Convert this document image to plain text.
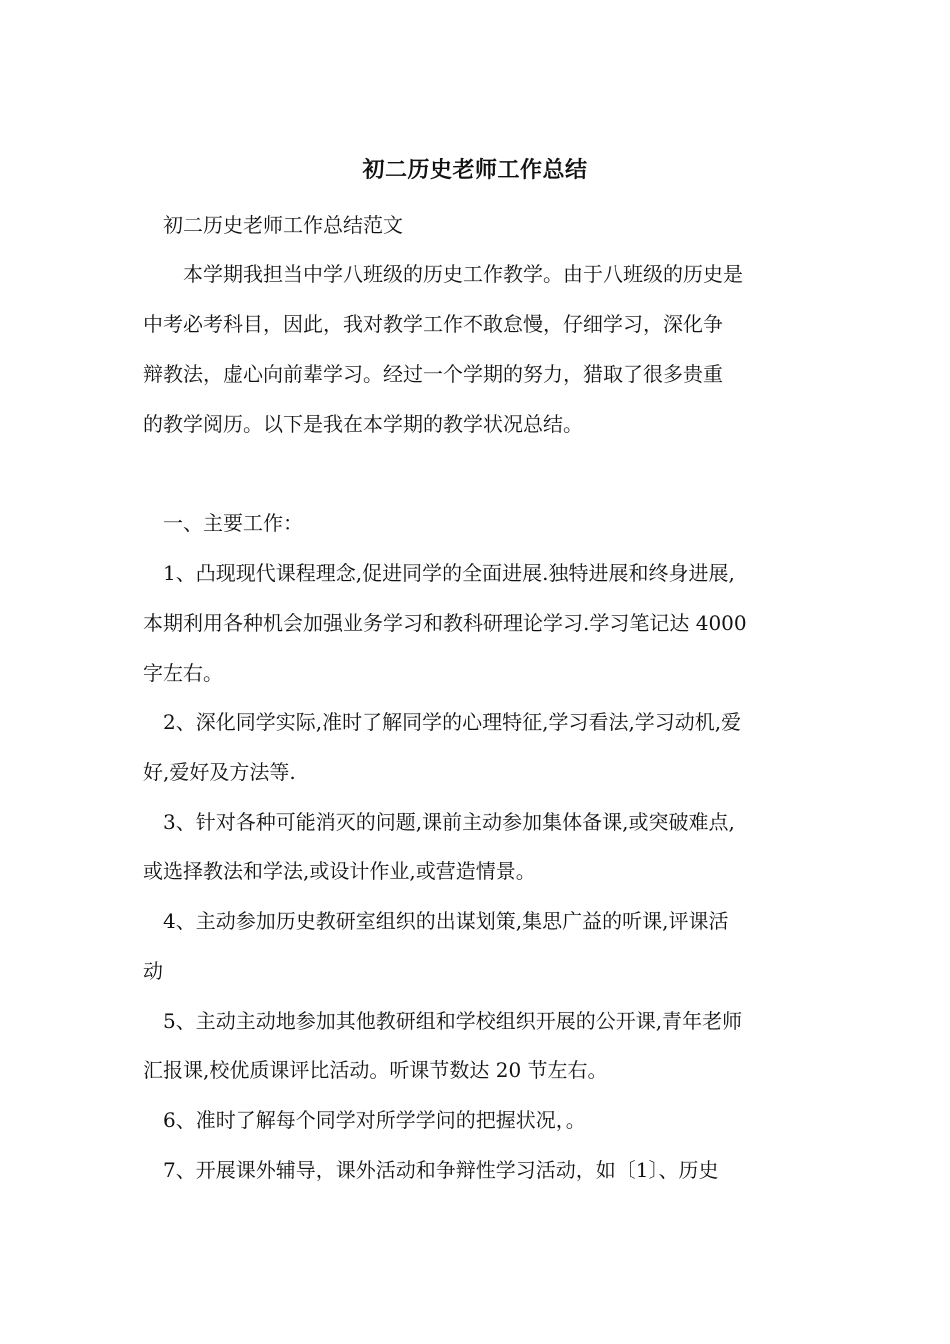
初二历史老师工作总结
初二历史老师工作总结范文
本学期我担当中学八班级的历史工作教学。由于八班级的历史是
中考必考科目，因此，我对教学工作不敢怠慢，仔细学习，深化争
辩教法，虚心向前辈学习。经过一个学期的努力，猎取了很多贵重
的教学阅历。以下是我在本学期的教学状况总结。
一、主要工作：
1、凸现现代课程理念,促进同学的全面进展.独特进展和终身进展,
本期利用各种机会加强业务学习和教科研理论学习.学习笔记达 4000
字左右。
2、深化同学实际,准时了解同学的心理特征,学习看法,学习动机,爱
好,爱好及方法等.
3、针对各种可能消灭的问题,课前主动参加集体备课,或突破难点,
或选择教法和学法,或设计作业,或营造情景。
4、主动参加历史教研室组织的出谋划策,集思广益的听课,评课活
动
5、主动主动地参加其他教研组和学校组织开展的公开课,青年老师
汇报课,校优质课评比活动。听课节数达 20 节左右。
6、准时了解每个同学对所学学问的把握状况，。
7、开展课外辅导，课外活动和争辩性学习活动，如〔1〕、历史
